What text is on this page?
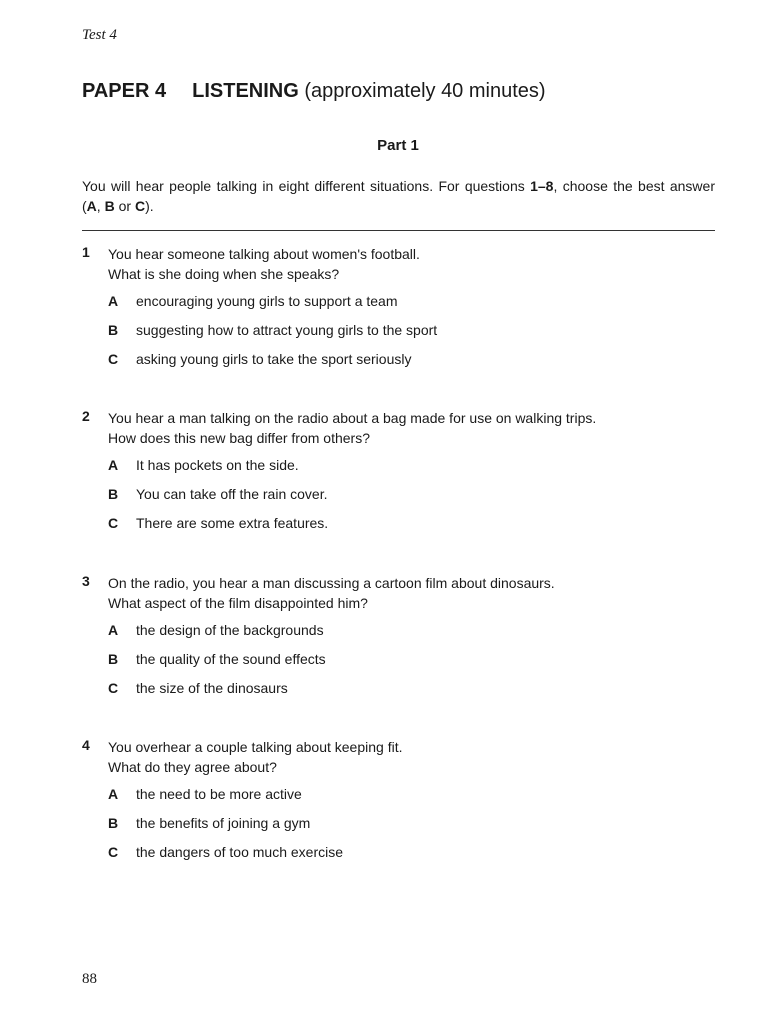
Test 4
PAPER 4 LISTENING (approximately 40 minutes)
Part 1
You will hear people talking in eight different situations. For questions 1–8, choose the best answer (A, B or C).
1 You hear someone talking about women's football.
What is she doing when she speaks?
A encouraging young girls to support a team
B suggesting how to attract young girls to the sport
C asking young girls to take the sport seriously
2 You hear a man talking on the radio about a bag made for use on walking trips.
How does this new bag differ from others?
A It has pockets on the side.
B You can take off the rain cover.
C There are some extra features.
3 On the radio, you hear a man discussing a cartoon film about dinosaurs.
What aspect of the film disappointed him?
A the design of the backgrounds
B the quality of the sound effects
C the size of the dinosaurs
4 You overhear a couple talking about keeping fit.
What do they agree about?
A the need to be more active
B the benefits of joining a gym
C the dangers of too much exercise
88
